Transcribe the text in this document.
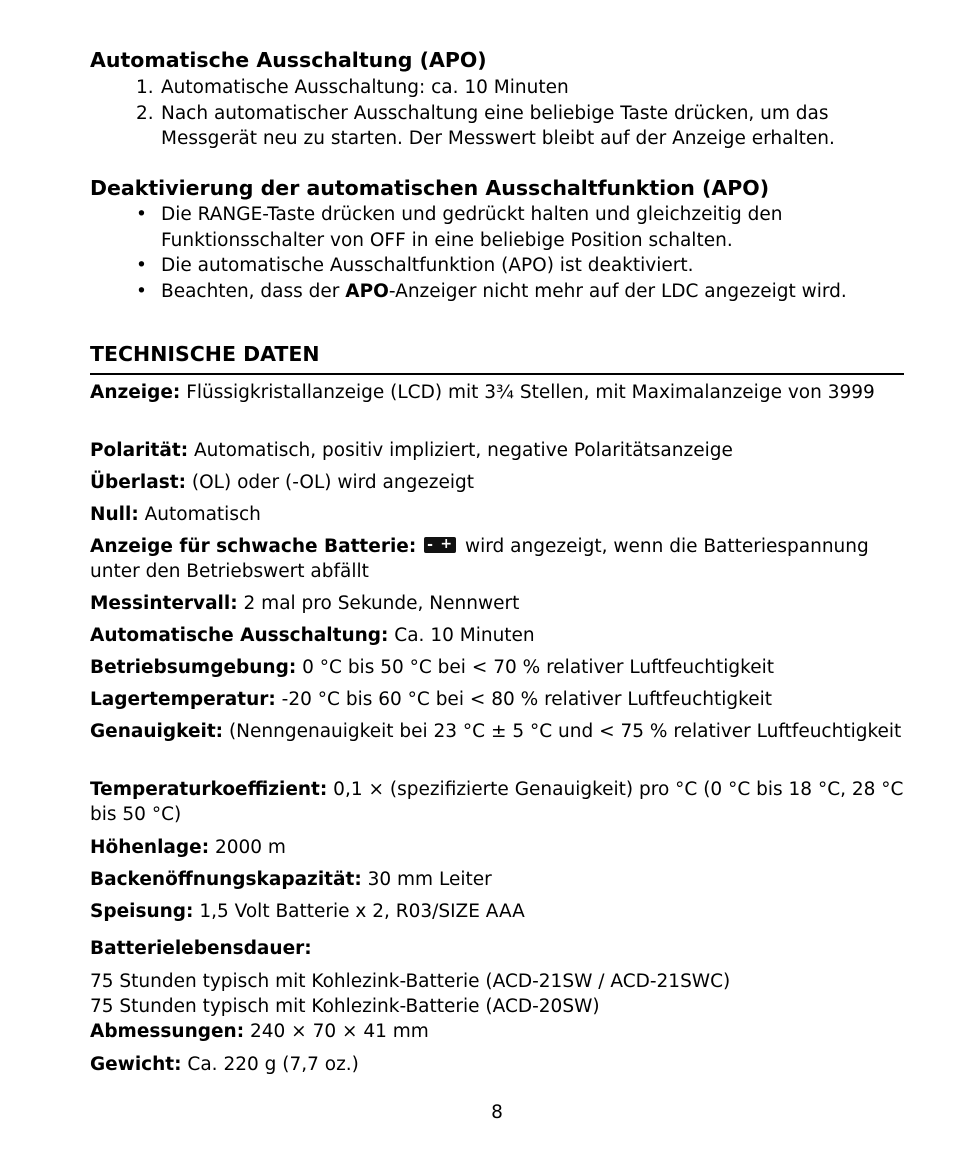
Automatische Ausschaltung (APO)
1. Automatische Ausschaltung: ca. 10 Minuten
2. Nach automatischer Ausschaltung eine beliebige Taste drücken, um das Messgerät neu zu starten. Der Messwert bleibt auf der Anzeige erhalten.
Deaktivierung der automatischen Ausschaltfunktion (APO)
• Die RANGE-Taste drücken und gedrückt halten und gleichzeitig den Funktionsschalter von OFF in eine beliebige Position schalten.
• Die automatische Ausschaltfunktion (APO) ist deaktiviert.
• Beachten, dass der APO-Anzeiger nicht mehr auf der LDC angezeigt wird.
TECHNISCHE DATEN
Anzeige: Flüssigkristallanzeige (LCD) mit 3¾ Stellen, mit Maximalanzeige von 3999
Polarität: Automatisch, positiv impliziert, negative Polaritätsanzeige
Überlast: (OL) oder (-OL) wird angezeigt
Null: Automatisch
Anzeige für schwache Batterie: - + wird angezeigt, wenn die Batteriespannung unter den Betriebswert abfällt
Messintervall: 2 mal pro Sekunde, Nennwert
Automatische Ausschaltung: Ca. 10 Minuten
Betriebsumgebung: 0 °C bis 50 °C bei < 70 % relativer Luftfeuchtigkeit
Lagertemperatur: -20 °C bis 60 °C bei < 80 % relativer Luftfeuchtigkeit
Genauigkeit: (Nenngenauigkeit bei 23 °C ± 5 °C und < 75 % relativer Luftfeuchtigkeit
Temperaturkoeffizient: 0,1 × (spezifizierte Genauigkeit) pro °C (0 °C bis 18 °C, 28 °C bis 50 °C)
Höhenlage: 2000 m
Backenöffnungskapazität: 30 mm Leiter
Speisung: 1,5 Volt Batterie x 2, R03/SIZE AAA
Batterielebensdauer:
75 Stunden typisch mit Kohlezink-Batterie (ACD-21SW / ACD-21SWC)
75 Stunden typisch mit Kohlezink-Batterie (ACD-20SW)
Abmessungen: 240 × 70 × 41 mm
Gewicht: Ca. 220 g (7,7 oz.)
8
